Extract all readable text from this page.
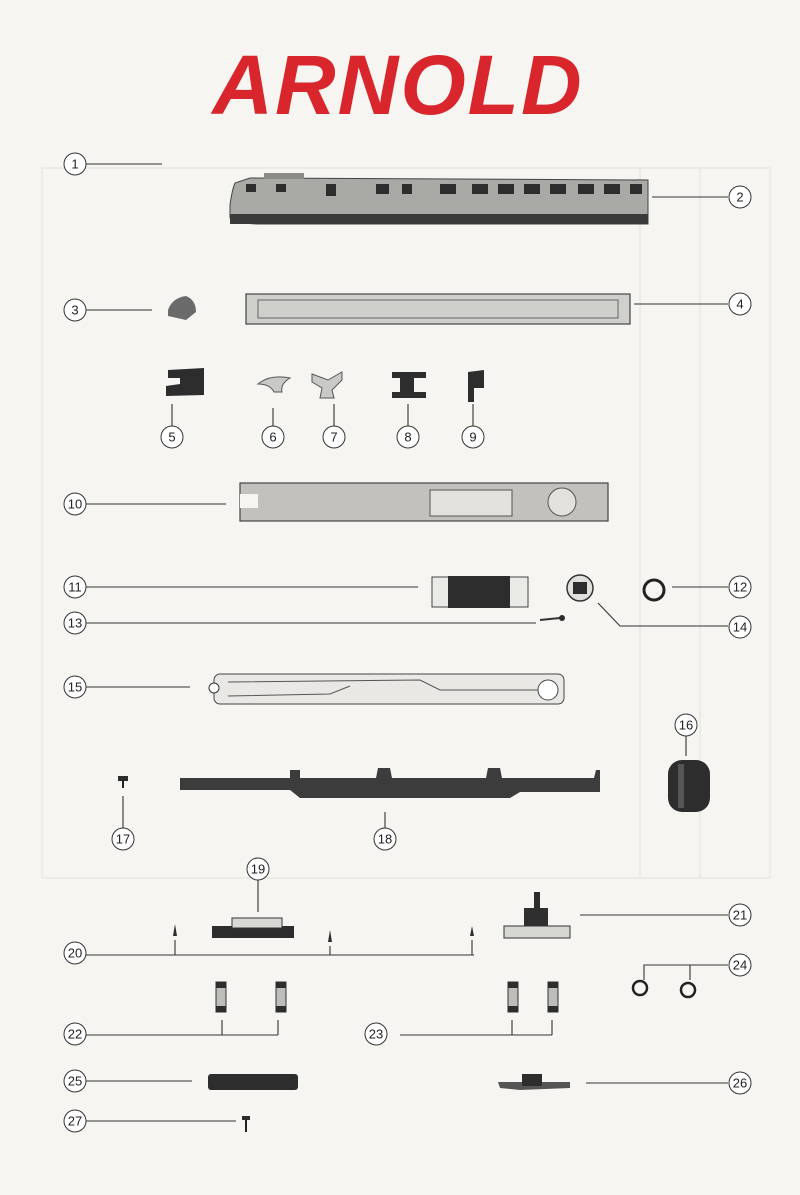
ARNOLD
1
2
3	4
5	6	7	8	9
10
11	12
13	14
15
16
17	18
19
20
21
22	23
24
25	26
27
